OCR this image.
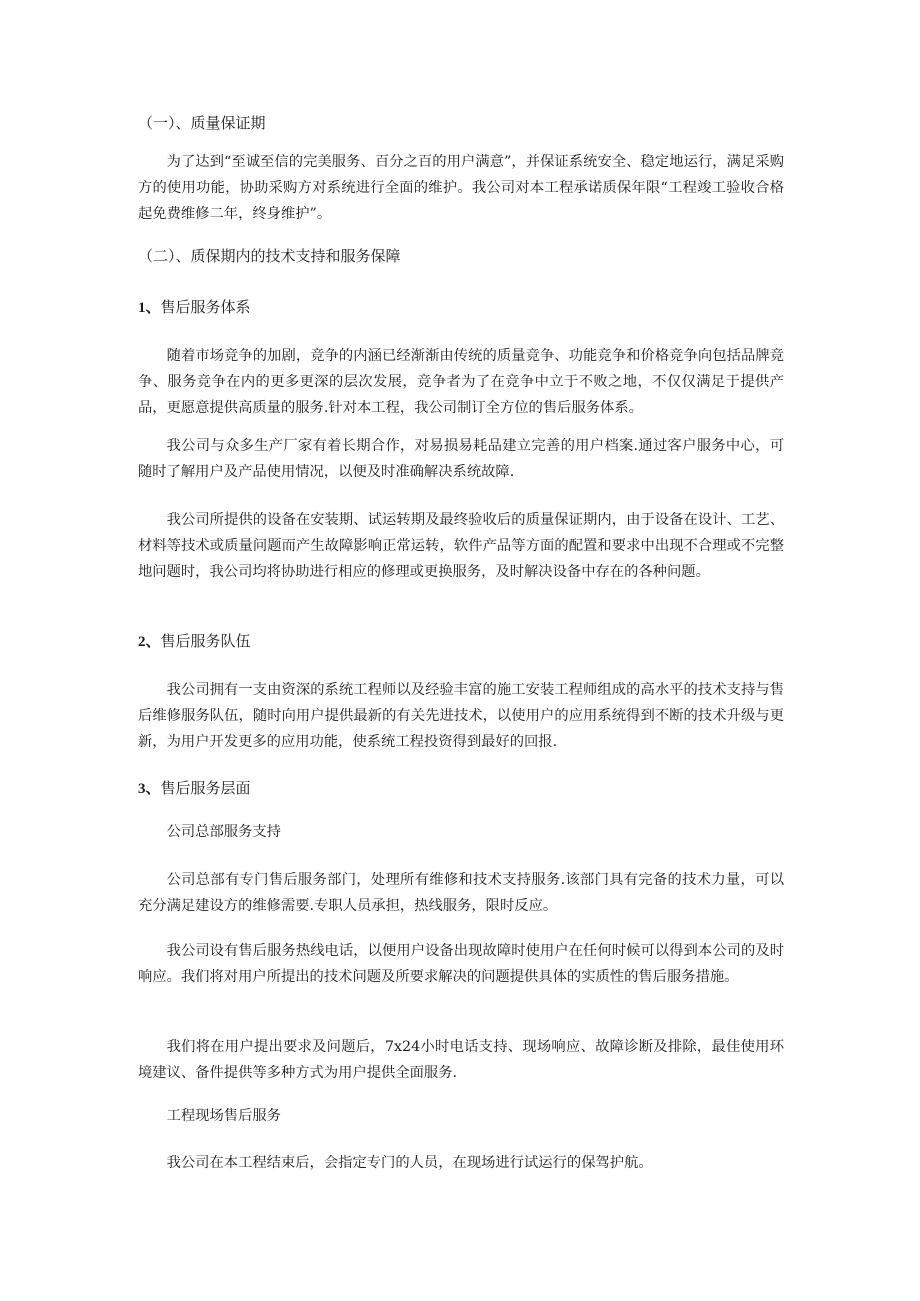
（一）、质量保证期

为了达到“至诚至信的完美服务、百分之百的用户满意”，并保证系统安全、稳定地运行，满足采购方的使用功能，协助采购方对系统进行全面的维护。我公司对本工程承诺质保年限“工程竣工验收合格起免费维修二年，终身维护”。

（二）、质保期内的技术支持和服务保障
1、售后服务体系

随着市场竞争的加剧，竞争的内涵已经渐渐由传统的质量竞争、功能竞争和价格竞争向包括品牌竞争、服务竞争在内的更多更深的层次发展，竞争者为了在竞争中立于不败之地，不仅仅满足于提供产品，更愿意提供高质量的服务.针对本工程，我公司制订全方位的售后服务体系。

我公司与众多生产厂家有着长期合作，对易损易耗品建立完善的用户档案.通过客户服务中心，可随时了解用户及产品使用情况，以便及时准确解决系统故障.

我公司所提供的设备在安装期、试运转期及最终验收后的质量保证期内，由于设备在设计、工艺、材料等技术或质量问题而产生故障影响正常运转，软件产品等方面的配置和要求中出现不合理或不完整地问题时，我公司均将协助进行相应的修理或更换服务，及时解决设备中存在的各种问题。

2、售后服务队伍

我公司拥有一支由资深的系统工程师以及经验丰富的施工安装工程师组成的高水平的技术支持与售后维修服务队伍，随时向用户提供最新的有关先进技术，以使用户的应用系统得到不断的技术升级与更新，为用户开发更多的应用功能，使系统工程投资得到最好的回报.

3、售后服务层面
公司总部服务支持

公司总部有专门售后服务部门，处理所有维修和技术支持服务.该部门具有完备的技术力量，可以充分满足建设方的维修需要.专职人员承担，热线服务，限时反应。

我公司设有售后服务热线电话，以便用户设备出现故障时使用户在任何时候可以得到本公司的及时响应。我们将对用户所提出的技术问题及所要求解决的问题提供具体的实质性的售后服务措施。

我们将在用户提出要求及问题后，7x24小时电话支持、现场响应、故障诊断及排除，最佳使用环境建议、备件提供等多种方式为用户提供全面服务.

工程现场售后服务

我公司在本工程结束后，会指定专门的人员，在现场进行试运行的保驾护航。
